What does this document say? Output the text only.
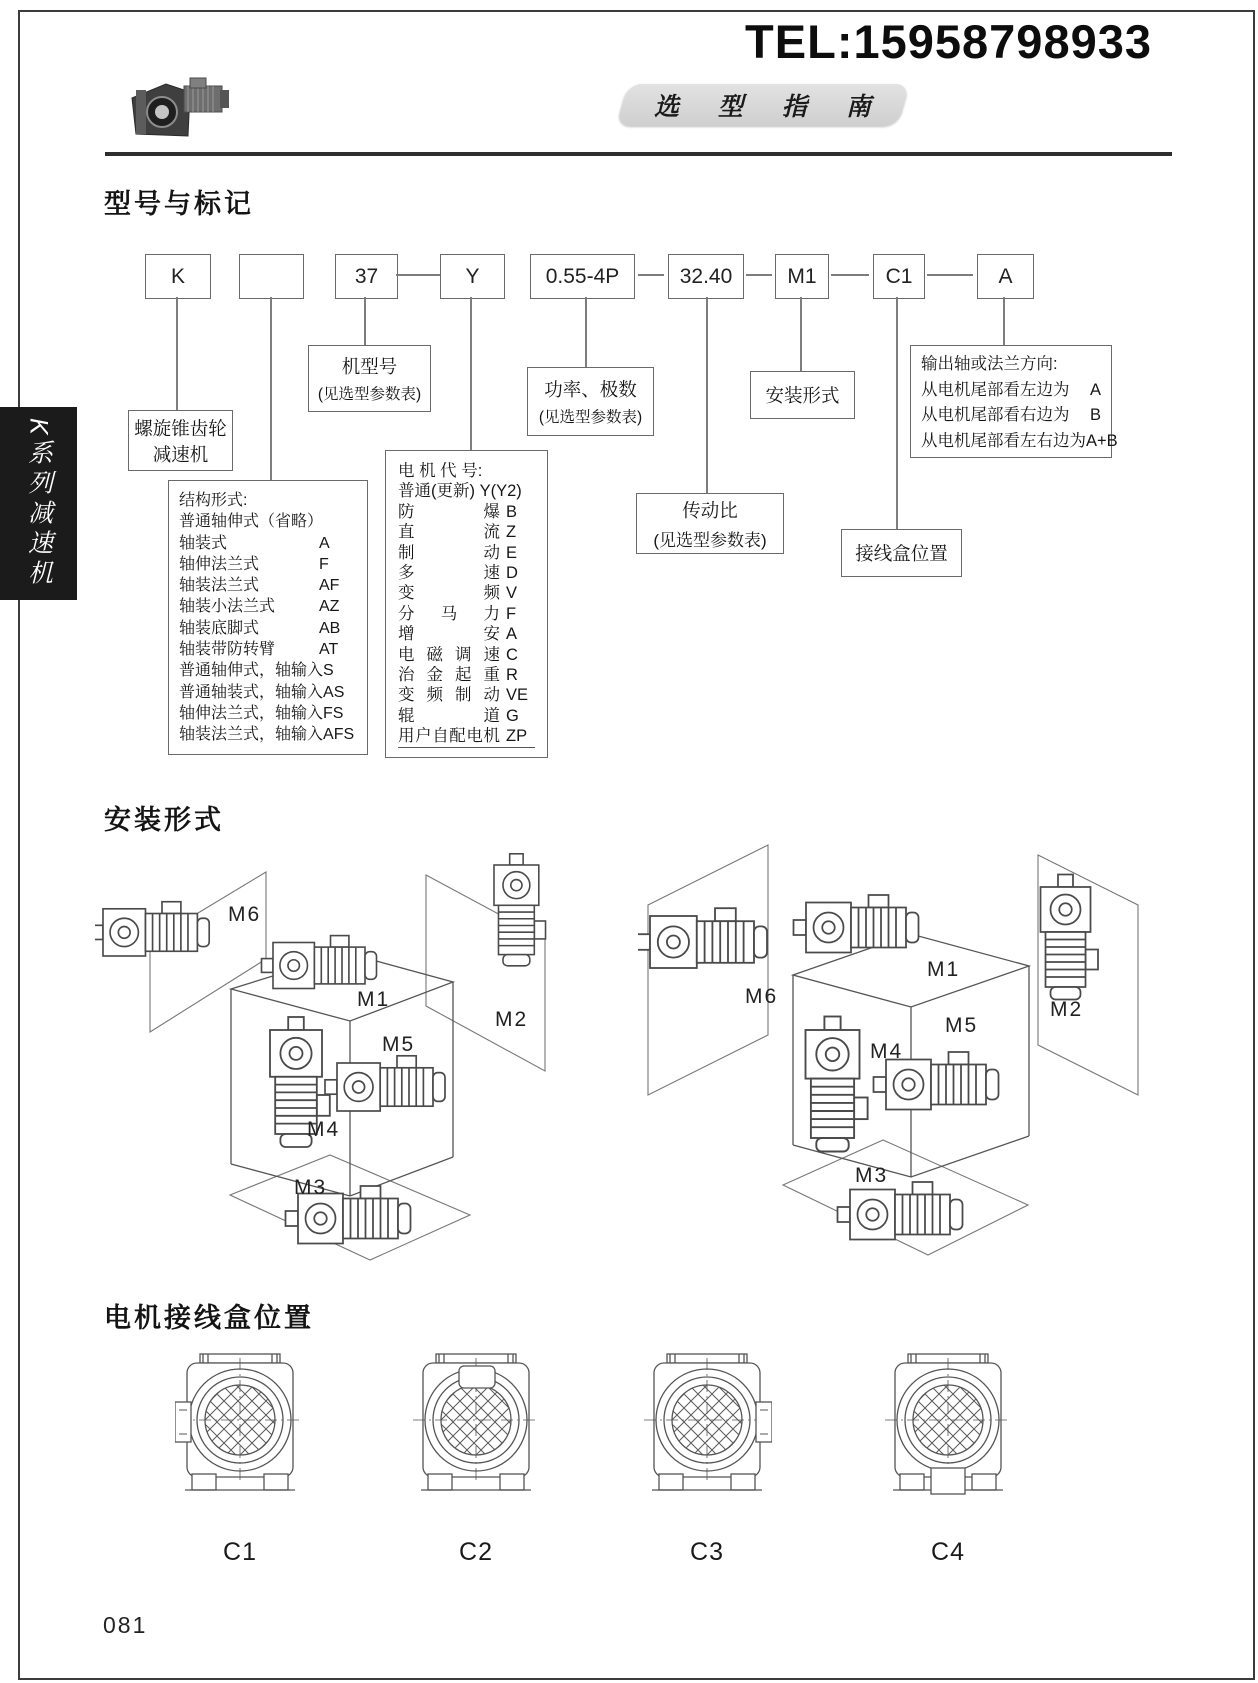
TEL:15958798933
选 型 指 南
K系列减速机
型号与标记
K	37	Y	0.55-4P	32.40	M1	C1	A
螺旋锥齿轮
减速机
机型号
(见选型参数表)	功率、极数
(见选型参数表)
安装形式
传动比
(见选型参数表)
接线盒位置
输出轴或法兰方向:
从电机尾部看左边为 A
从电机尾部看右边为 B
从电机尾部看左右边为 A+B
结构形式:
普通轴伸式（省略）
轴装式	A
轴伸法兰式	F
轴装法兰式	AF
轴装小法兰式	AZ
轴装底脚式	AB
轴装带防转臂	AT
普通轴伸式，轴输入 S
普通轴装式，轴输入 AS
轴伸法兰式，轴输入 FS
轴装法兰式，轴输入 AFS
电 机 代 号:
普通(更新) Y(Y2)
防爆 B
直流 Z
制动 E
多速 D
变频 V
分马力 F
增安 A
电磁调速 C
治金起重 R
变频制动 VE
辊道 G
用户自配电机 ZP
安装形式
M6
M1
M2
M5
M4
M3
M6
M1
M2
M5
M4
M3
电机接线盒位置
C1	C2	C3	C4
081
